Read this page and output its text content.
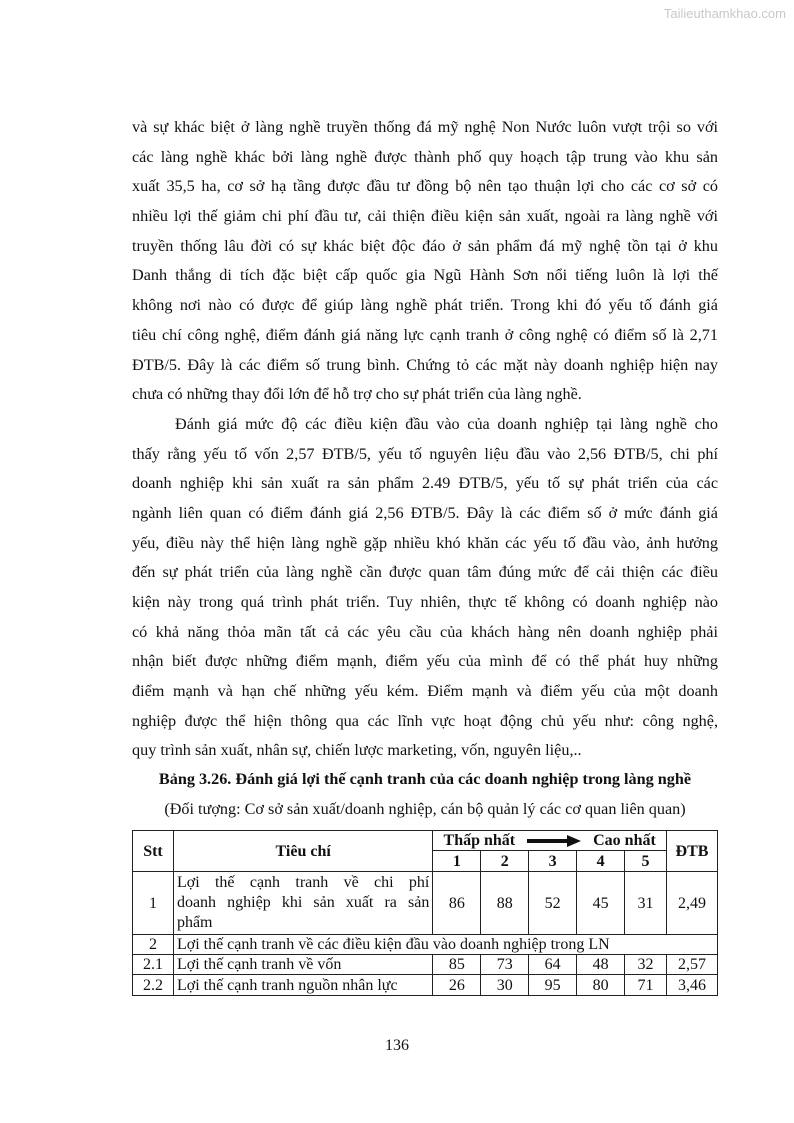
Tailieuthamkhao.com
và sự khác biệt ở làng nghề truyền thống đá mỹ nghệ Non Nước luôn vượt trội so với
các làng nghề khác bởi làng nghề được thành phố quy hoạch tập trung vào khu sản
xuất 35,5 ha, cơ sở hạ tầng được đầu tư đồng bộ nên tạo thuận lợi cho các cơ sở có
nhiều lợi thế giảm chi phí đầu tư, cải thiện điều kiện sản xuất, ngoài ra làng nghề với
truyền thống lâu đời có sự khác biệt độc đáo ở sản phẩm đá mỹ nghệ tồn tại ở khu
Danh thắng di tích đặc biệt cấp quốc gia Ngũ Hành Sơn nổi tiếng luôn là lợi thế
không nơi nào có được để giúp làng nghề phát triển. Trong khi đó yếu tố đánh giá
tiêu chí công nghệ, điểm đánh giá năng lực cạnh tranh ở công nghệ có điểm số là 2,71
ĐTB/5. Đây là các điểm số trung bình. Chứng tỏ các mặt này doanh nghiệp hiện nay
chưa có những thay đổi lớn để hỗ trợ cho sự phát triển của làng nghề.
Đánh giá mức độ các điều kiện đầu vào của doanh nghiệp tại làng nghề cho
thấy rằng yếu tố vốn 2,57 ĐTB/5, yếu tố nguyên liệu đầu vào 2,56 ĐTB/5, chi phí
doanh nghiệp khi sản xuất ra sản phẩm 2.49 ĐTB/5, yếu tố sự phát triển của các
ngành liên quan có điểm đánh giá 2,56 ĐTB/5. Đây là các điểm số ở mức đánh giá
yếu, điều này thể hiện làng nghề gặp nhiều khó khăn các yếu tố đầu vào, ảnh hưởng
đến sự phát triển của làng nghề cần được quan tâm đúng mức để cải thiện các điều
kiện này trong quá trình phát triển. Tuy nhiên, thực tế không có doanh nghiệp nào
có khả năng thỏa mãn tất cả các yêu cầu của khách hàng nên doanh nghiệp phải
nhận biết được những điểm mạnh, điểm yếu của mình để có thể phát huy những
điểm mạnh và hạn chế những yếu kém. Điểm mạnh và điểm yếu của một doanh
nghiệp được thể hiện thông qua các lĩnh vực hoạt động chủ yếu như: công nghệ,
quy trình sản xuất, nhân sự, chiến lược marketing, vốn, nguyên liệu,..
Bảng 3.26. Đánh giá lợi thế cạnh tranh của các doanh nghiệp trong làng nghề
(Đối tượng: Cơ sở sản xuất/doanh nghiệp, cán bộ quản lý các cơ quan liên quan)
Stt	Tiêu chí	Thấp nhất Cao nhất					ĐTB
		1	2	3	4	5	
1	Lợi thế cạnh tranh về chi phí
doanh nghiệp khi sản xuất ra sản
phẩm	86	88	52	45	31	2,49
2	Lợi thế cạnh tranh về các điều kiện đầu vào doanh nghiệp trong LN						
2.1	Lợi thế cạnh tranh về vốn	85	73	64	48	32	2,57
2.2	Lợi thế cạnh tranh nguồn nhân lực	26	30	95	80	71	3,46
136
